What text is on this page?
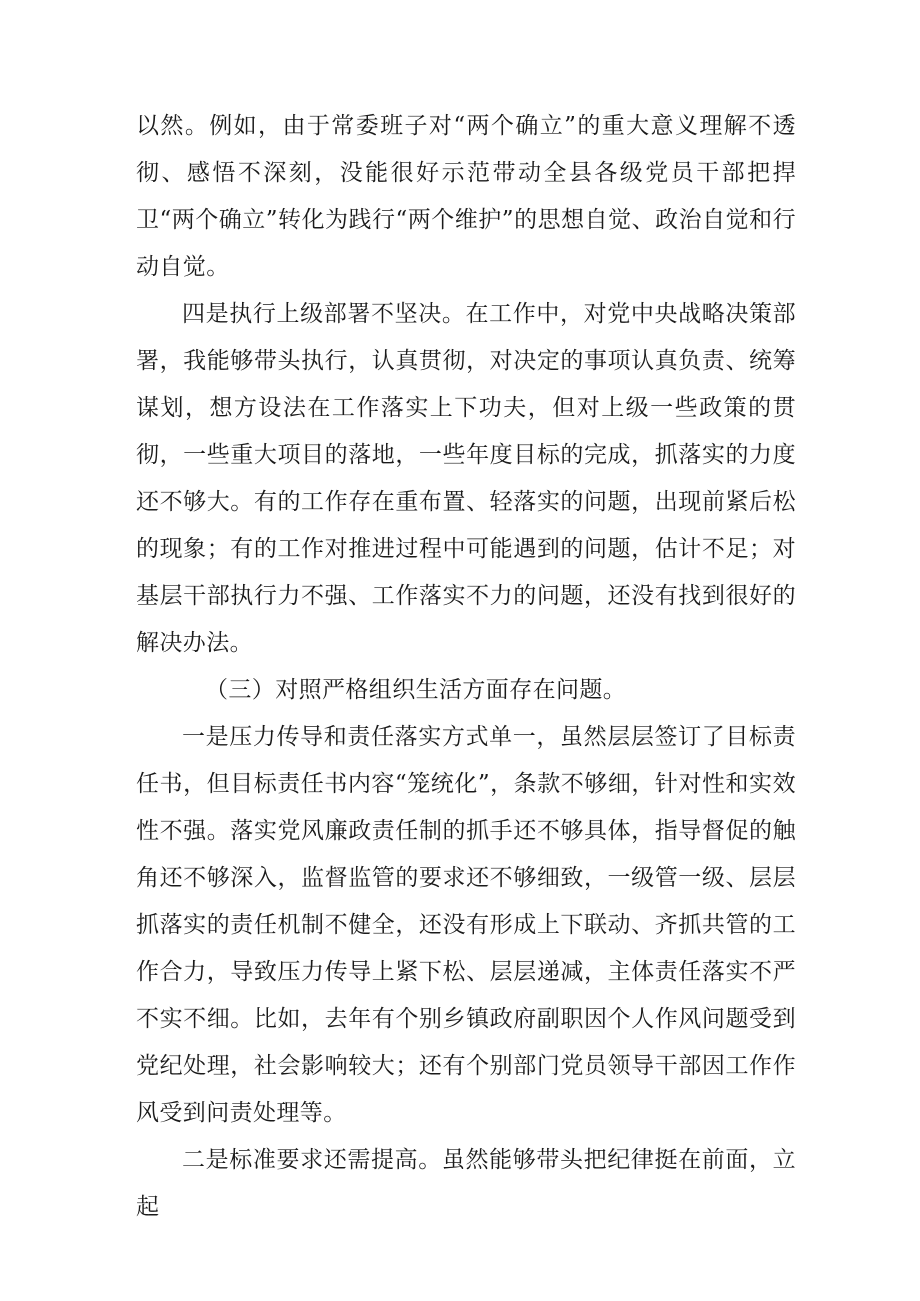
以然。例如，由于常委班子对“两个确立”的重大意义理解不透彻、感悟不深刻，没能很好示范带动全县各级党员干部把捍卫“两个确立”转化为践行“两个维护”的思想自觉、政治自觉和行动自觉。

四是执行上级部署不坚决。在工作中，对党中央战略决策部署，我能够带头执行，认真贯彻，对决定的事项认真负责、统筹谋划，想方设法在工作落实上下功夫，但对上级一些政策的贯彻，一些重大项目的落地，一些年度目标的完成，抓落实的力度还不够大。有的工作存在重布置、轻落实的问题，出现前紧后松的现象；有的工作对推进过程中可能遇到的问题，估计不足；对基层干部执行力不强、工作落实不力的问题，还没有找到很好的解决办法。

（三）对照严格组织生活方面存在问题。

一是压力传导和责任落实方式单一，虽然层层签订了目标责任书，但目标责任书内容“笼统化”，条款不够细，针对性和实效性不强。落实党风廉政责任制的抓手还不够具体，指导督促的触角还不够深入，监督监管的要求还不够细致，一级管一级、层层抓落实的责任机制不健全，还没有形成上下联动、齐抓共管的工作合力，导致压力传导上紧下松、层层递减，主体责任落实不严不实不细。比如，去年有个别乡镇政府副职因个人作风问题受到党纪处理，社会影响较大；还有个别部门党员领导干部因工作作风受到问责处理等。

二是标准要求还需提高。虽然能够带头把纪律挺在前面，立起
